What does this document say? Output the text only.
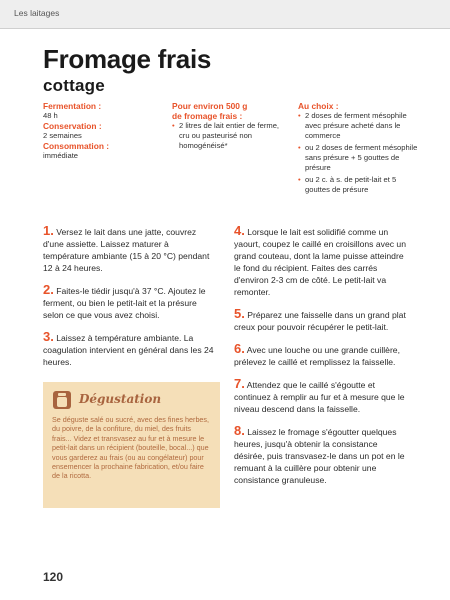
Les laitages
Fromage frais
cottage
Fermentation :
48 h
Conservation :
2 semaines
Consommation :
immédiate
Pour environ 500 g
de fromage frais :
• 2 litres de lait entier de ferme, cru ou pasteurisé non homogénéisé*
Au choix :
• 2 doses de ferment mésophile avec présure acheté dans le commerce
• ou 2 doses de ferment mésophile sans présure + 5 gouttes de présure
• ou 2 c. à s. de petit-lait et 5 gouttes de présure

1. Versez le lait dans une jatte, couvrez d'une assiette. Laissez maturer à température ambiante (15 à 20 °C) pendant 12 à 24 heures.

2. Faites-le tiédir jusqu'à 37 °C. Ajoutez le ferment, ou bien le petit-lait et la présure selon ce que vous avez choisi.

3. Laissez à température ambiante. La coagulation intervient en général dans les 24 heures.

Dégustation
Se déguste salé ou sucré, avec des fines herbes, du poivre, de la confiture, du miel, des fruits frais... Videz et transvasez au fur et à mesure le petit-lait dans un récipient (bouteille, bocal...) que vous garderez au frais (ou au congélateur) pour ensemencer la prochaine fabrication, et/ou faire de la ricotta.

4. Lorsque le lait est solidifié comme un yaourt, coupez le caillé en croisillons avec un grand couteau, dont la lame puisse atteindre le fond du récipient. Faites des carrés d'environ 2-3 cm de côté. Le petit-lait va remonter.

5. Préparez une faisselle dans un grand plat creux pour pouvoir récupérer le petit-lait.

6. Avec une louche ou une grande cuillère, prélevez le caillé et remplissez la faisselle.

7. Attendez que le caillé s'égoutte et continuez à remplir au fur et à mesure que le niveau descend dans la faisselle.

8. Laissez le fromage s'égoutter quelques heures, jusqu'à obtenir la consistance désirée, puis transvasez-le dans un pot en le remuant à la cuillère pour obtenir une consistance granuleuse.

120
